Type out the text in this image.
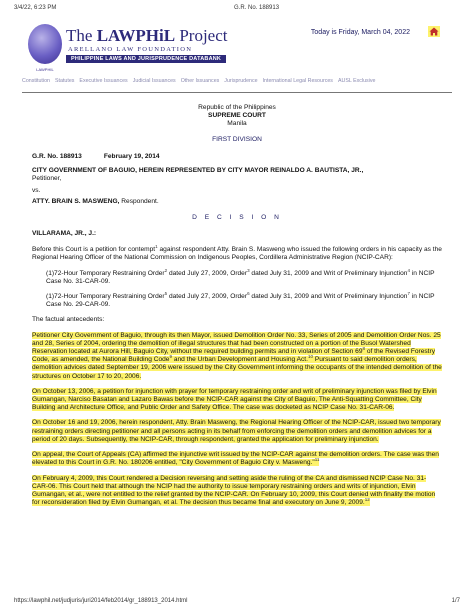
3/4/22, 6:23 PM	G.R. No. 188913
LAWPHIL
The LAWPHiL Project
ARELLANO LAW FOUNDATION
PHILIPPINE LAWS AND JURISPRUDENCE DATABANK
Today is Friday, March 04, 2022
Constitution Statutes Executive Issuances Judicial Issuances Other Issuances Jurisprudence International Legal Resources AUSL Exclusive
Republic of the Philippines
SUPREME COURT
Manila
FIRST DIVISION
G.R. No. 188913	February 19, 2014
CITY GOVERNMENT OF BAGUIO, HEREIN REPRESENTED BY CITY MAYOR REINALDO A. BAUTISTA, JR.,
Petitioner,
vs.
ATTY. BRAIN S. MASWENG, Respondent.
D E C I S I O N
VILLARAMA, JR., J.:

Before this Court is a petition for contempt$^1$ against respondent Atty. Brain S. Masweng who issued the following orders in his capacity as the Regional Hearing Officer of the National Commission on Indigenous Peoples, Cordillera Administrative Region (NCIP-CAR):

(1)72-Hour Temporary Restraining Order$^2$ dated July 27, 2009, Order$^3$ dated July 31, 2009 and Writ of Preliminary Injunction$^4$ in NCIP Case No. 31-CAR-09.

(1)72-Hour Temporary Restraining Order$^5$ dated July 27, 2009, Order$^6$ dated July 31, 2009 and Writ of Preliminary Injunction$^7$ in NCIP Case No. 29-CAR-09.

The factual antecedents:

Petitioner City Government of Baguio, through its then Mayor, issued Demolition Order No. 33, Series of 2005 and Demolition Order Nos. 25 and 28, Series of 2004, ordering the demolition of illegal structures that had been constructed on a portion of the Busol Watershed Reservation located at Aurora Hill, Baguio City, without the required building permits and in violation of Section 69$^8$ of the Revised Forestry Code, as amended, the National Building Code$^9$ and the Urban Development and Housing Act.$^{10}$ Pursuant to said demolition orders, demolition advices dated September 19, 2006 were issued by the City Government informing the occupants of the intended demolition of the structures on October 17 to 20, 2006.

On October 13, 2006, a petition for injunction with prayer for temporary restraining order and writ of preliminary injunction was filed by Elvin Gumangan, Narciso Basatan and Lazaro Bawas before the NCIP-CAR against the City of Baguio, The Anti-Squatting Committee, City Building and Architecture Office, and Public Order and Safety Office. The case was docketed as NCIP Case No. 31-CAR-06.

On October 16 and 19, 2006, herein respondent, Atty. Brain Masweng, the Regional Hearing Officer of the NCIP-CAR, issued two temporary restraining orders directing petitioner and all persons acting in its behalf from enforcing the demolition orders and demolition advices for a period of 20 days. Subsequently, the NCIP-CAR, through respondent, granted the application for preliminary injunction.

On appeal, the Court of Appeals (CA) affirmed the injunctive writ issued by the NCIP-CAR against the demolition orders. The case was then elevated to this Court in G.R. No. 180206 entitled, "City Government of Baguio City v. Masweng."$^{11}$

On February 4, 2009, this Court rendered a Decision reversing and setting aside the ruling of the CA and dismissed NCIP Case No. 31-CAR-06. This Court held that although the NCIP had the authority to issue temporary restraining orders and writs of injunction, Elvin Gumangan, et al., were not entitled to the relief granted by the NCIP-CAR. On February 10, 2009, this Court denied with finality the motion for reconsideration filed by Elvin Gumangan, et al. The decision thus became final and executory on June 9, 2009.12

https://lawphil.net/judjuris/juri2014/feb2014/gr_188913_2014.html	1/7
